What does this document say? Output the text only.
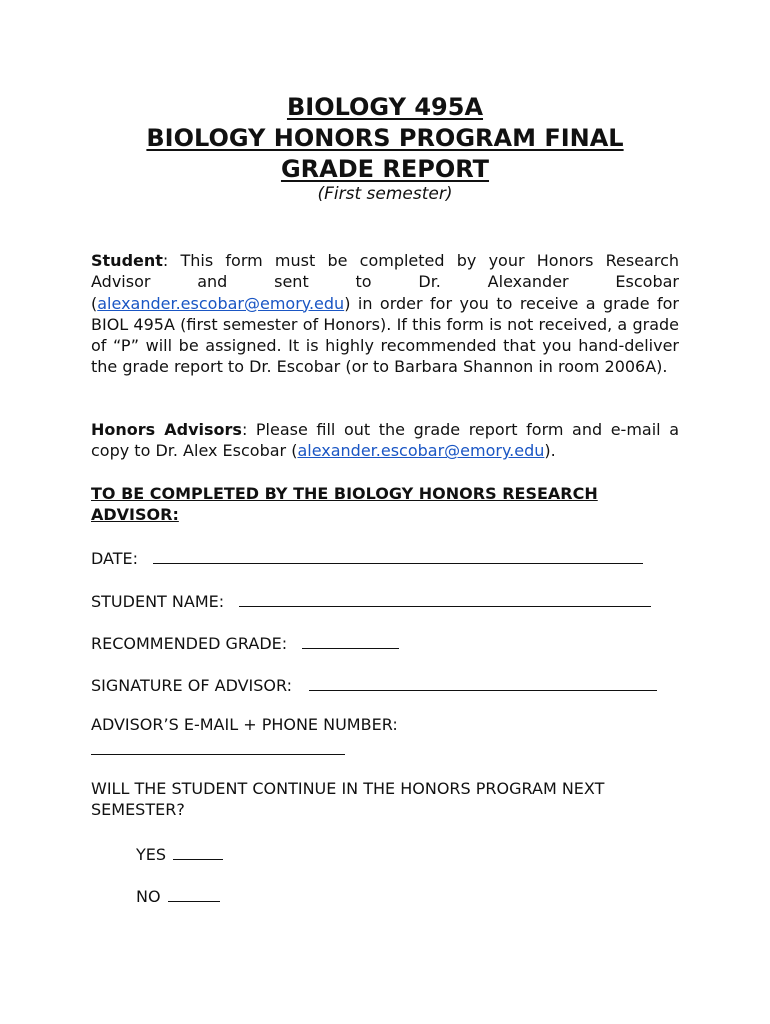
BIOLOGY 495A
BIOLOGY HONORS PROGRAM FINAL
GRADE REPORT
(First semester)
Student: This form must be completed by your Honors Research Advisor and sent to Dr. Alexander Escobar (alexander.escobar@emory.edu) in order for you to receive a grade for BIOL 495A (first semester of Honors). If this form is not received, a grade of “P” will be assigned. It is highly recommended that you hand-deliver the grade report to Dr. Escobar (or to Barbara Shannon in room 2006A).
Honors Advisors: Please fill out the grade report form and e-mail a copy to Dr. Alex Escobar (alexander.escobar@emory.edu).
TO BE COMPLETED BY THE BIOLOGY HONORS RESEARCH ADVISOR:
DATE:
STUDENT NAME:
RECOMMENDED GRADE:
SIGNATURE OF ADVISOR:
ADVISOR’S E-MAIL + PHONE NUMBER:
WILL THE STUDENT CONTINUE IN THE HONORS PROGRAM NEXT SEMESTER?
YES
NO
